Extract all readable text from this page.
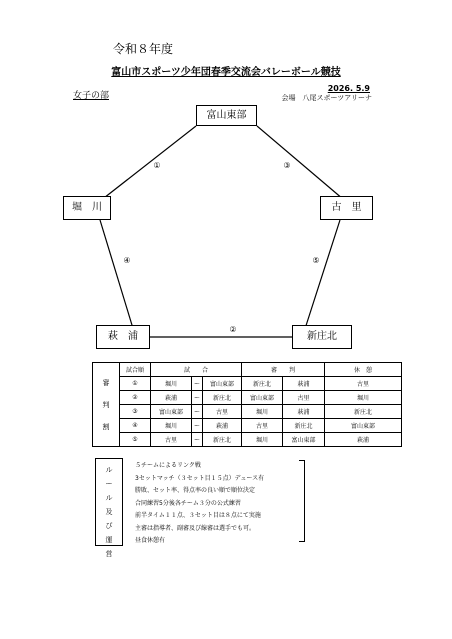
令和８年度
富山市スポーツ少年団春季交流会バレーボール競技
2026. 5.9
会場　八尾スポーツアリーナ
女子の部
富山東部
堀　川	古　里
萩　浦	新庄北
①
②
③
④	⑤
審
判
割	試合順	試　　合			審　　判		休　憩
	①	堀川	ー	富山東部	新庄北	萩浦	古里
	②	萩浦	ー	新庄北	富山東部	古里	堀川
	③	富山東部	ー	古里	堀川	萩浦	新庄北
	④	堀川	ー	萩浦	古里	新庄北	富山東部
	⑤	古里	ー	新庄北	堀川	富山東部	萩浦
ル
ー
ル
及
び
運
営
５チームによるリンク戦
3セットマッチ（３セット目１５点）デュース有
勝敗、セット率、得点率の良い順で順位決定
合同練習5分後各チーム３分の公式練習
前半タイム１１点、３セット目は８点にて実施
主審は指導者、副審及び線審は選手でも可。
昼食休憩有
